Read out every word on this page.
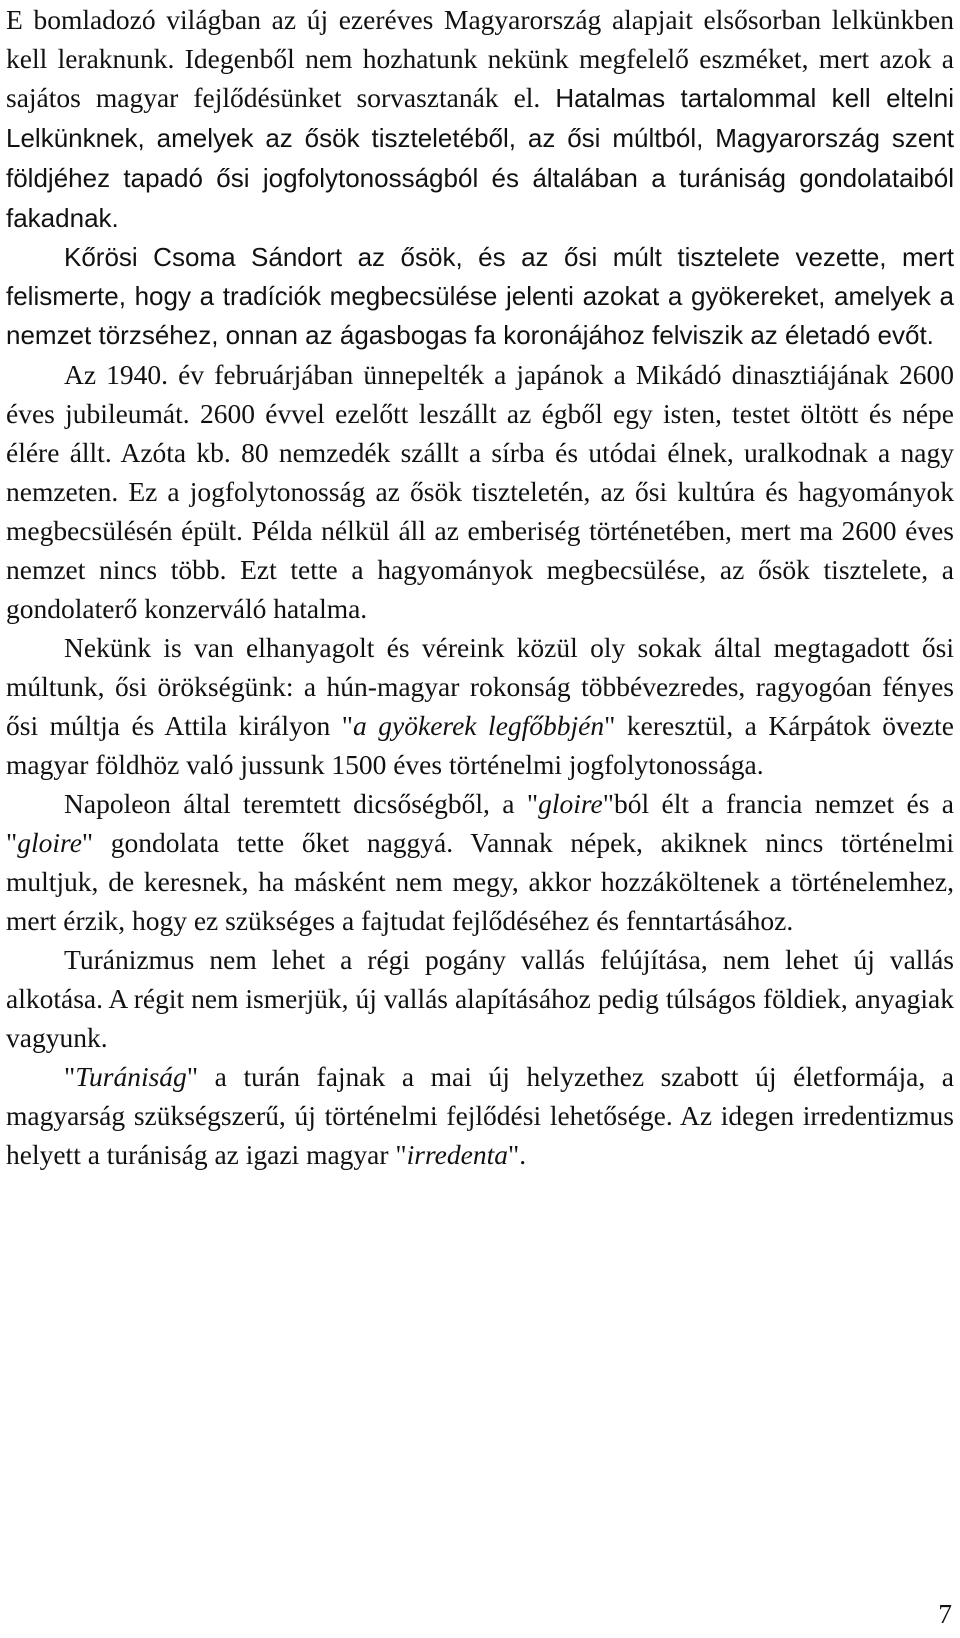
E bomladozó világban az új ezeréves Magyarország alapjait elsősorban lelkünkben kell leraknunk. Idegenből nem hozhatunk nekünk megfelelő eszméket, mert azok a sajátos magyar fejlődésünket sorvasztanák el. Hatalmas tartalommal kell eltelni Lelkünknek, amelyek az ősök tiszteletéből, az ősi múltból, Magyarország szent földjéhez tapadó ősi jogfolytonosságból és általában a turániság gondolataiból fakadnak.

Kőrösi Csoma Sándort az ősök, és az ősi múlt tisztelete vezette, mert felismerte, hogy a tradíciók megbecsülése jelenti azokat a gyökereket, amelyek a nemzet törzséhez, onnan az ágasbogas fa koronájához felviszik az életadó evőt.

Az 1940. év februárjában ünnepelték a japánok a Mikádó dinasztiájának 2600 éves jubileumát. 2600 évvel ezelőtt leszállt az égből egy isten, testet öltött és népe élére állt. Azóta kb. 80 nemzedék szállt a sírba és utódai élnek, uralkodnak a nagy nemzeten. Ez a jogfolytonosság az ősök tiszteletén, az ősi kultúra és hagyományok megbecsülésén épült. Példa nélkül áll az emberiség történetében, mert ma 2600 éves nemzet nincs több. Ezt tette a hagyományok megbecsülése, az ősök tisztelete, a gondolaterő konzerváló hatalma.

Nekünk is van elhanyagolt és véreink közül oly sokak által megtagadott ősi múltunk, ősi örökségünk: a hún-magyar rokonság többévezredes, ragyogóan fényes ősi múltja és Attila királyon "a gyökerek legfőbbjén" keresztül, a Kárpátok övezte magyar földhöz való jussunk 1500 éves történelmi jogfolytonossága.

Napoleon által teremtett dicsőségből, a "gloire"ból élt a francia nemzet és a "gloire" gondolata tette őket naggyá. Vannak népek, akiknek nincs történelmi multjuk, de keresnek, ha másként nem megy, akkor hozzáköltenek a történelemhez, mert érzik, hogy ez szükséges a fajtudat fejlődéséhez és fenntartásához.

Turánizmus nem lehet a régi pogány vallás felújítása, nem lehet új vallás alkotása. A régit nem ismerjük, új vallás alapításához pedig túlságos földiek, anyagiak vagyunk.

"Turániság" a turán fajnak a mai új helyzethez szabott új életformája, a magyarság szükségszerű, új történelmi fejlődési lehetősége. Az idegen irredentizmus helyett a turániság az igazi magyar "irredenta".

7
